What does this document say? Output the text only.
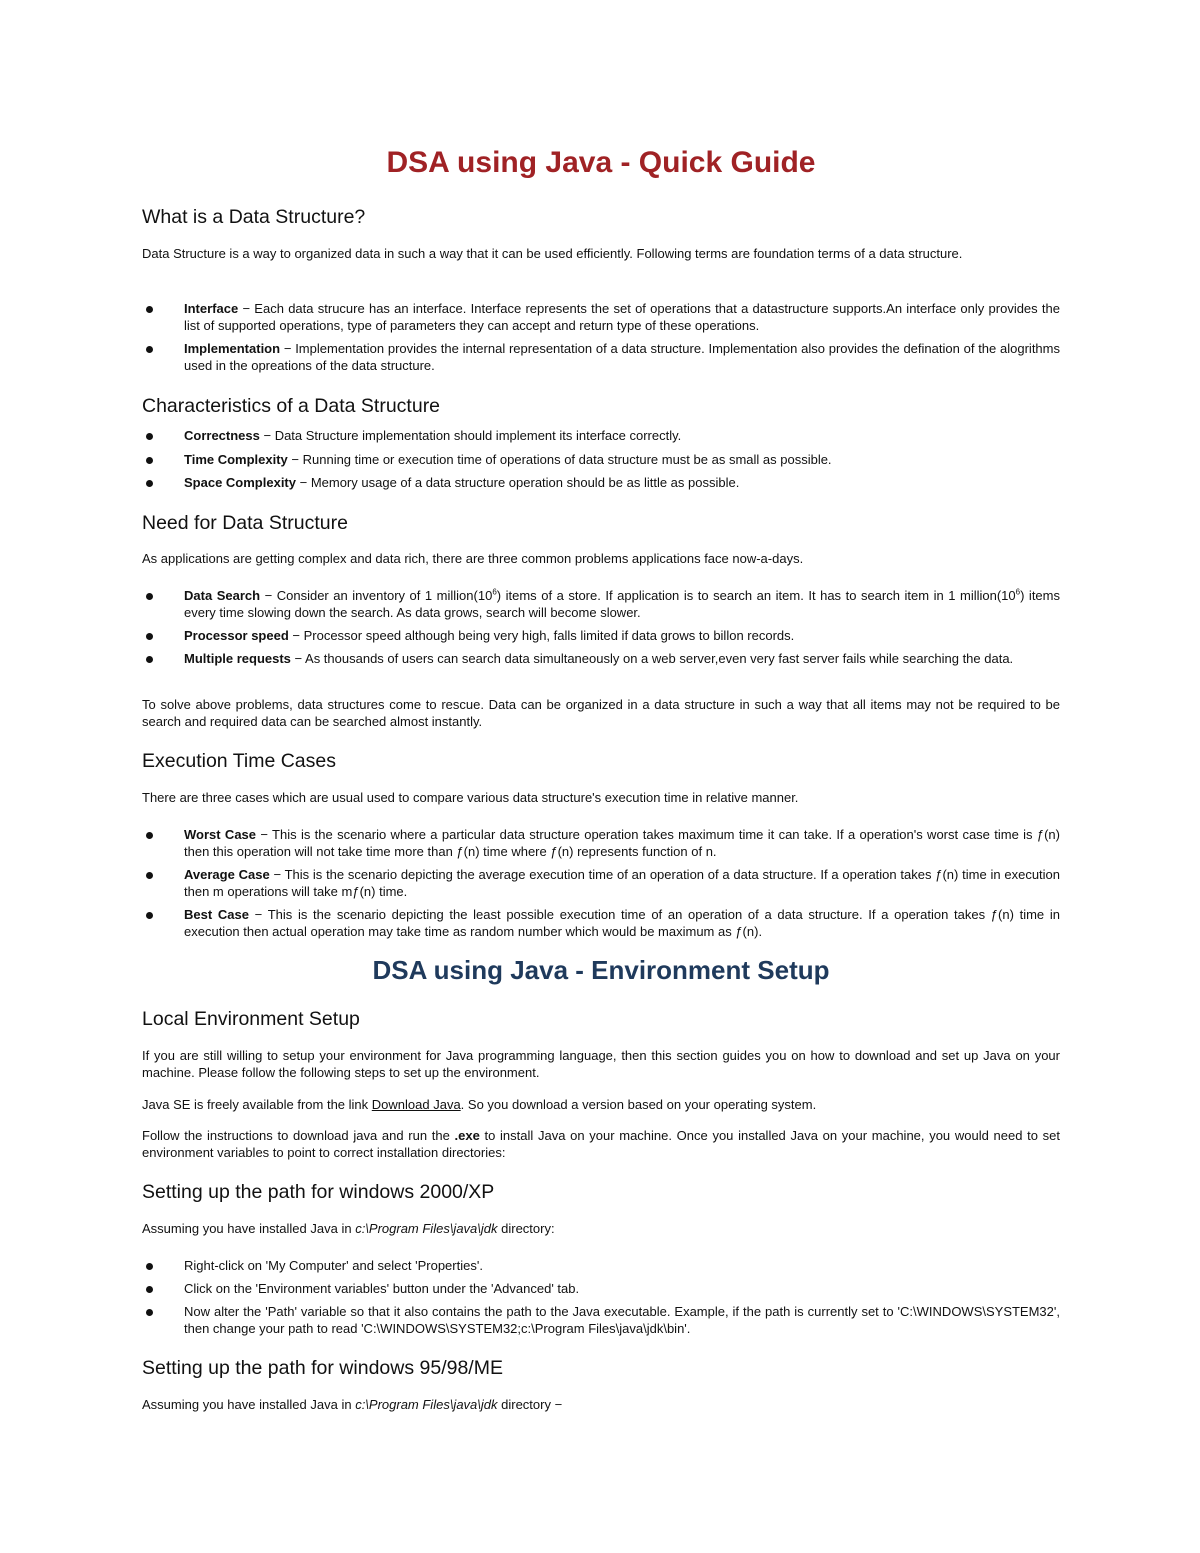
DSA using Java - Quick Guide
What is a Data Structure?

Data Structure is a way to organized data in such a way that it can be used efficiently. Following terms are foundation terms of a data structure.

Interface − Each data strucure has an interface. Interface represents the set of operations that a datastructure supports.An interface only provides the list of supported operations, type of parameters they can accept and return type of these operations.
Implementation − Implementation provides the internal representation of a data structure. Implementation also provides the defination of the alogrithms used in the opreations of the data structure.
Characteristics of a Data Structure
Correctness − Data Structure implementation should implement its interface correctly.
Time Complexity − Running time or execution time of operations of data structure must be as small as possible.
Space Complexity − Memory usage of a data structure operation should be as little as possible.
Need for Data Structure

As applications are getting complex and data rich, there are three common problems applications face now-a-days.

Data Search − Consider an inventory of 1 $million(10^6)$ items of a store. If application is to search an item. It has to search item in 1 $million(10^6)$ items every time slowing down the search. As data grows, search will become slower.
Processor speed − Processor speed although being very high, falls limited if data grows to billon records.
Multiple requests − As thousands of users can search data simultaneously on a web server,even very fast server fails while searching the data.

To solve above problems, data structures come to rescue. Data can be organized in a data structure in such a way that all items may not be required to be search and required data can be searched almost instantly.

Execution Time Cases

There are three cases which are usual used to compare various data structure's execution time in relative manner.

Worst Case − This is the scenario where a particular data structure operation takes maximum time it can take. If a operation's worst case time is ƒ(n) then this operation will not take time more than ƒ(n) time where ƒ(n) represents function of n.
Average Case − This is the scenario depicting the average execution time of an operation of a data structure. If a operation takes ƒ(n) time in execution then m operations will take mƒ(n) time.
Best Case − This is the scenario depicting the least possible execution time of an operation of a data structure. If a operation takes ƒ(n) time in execution then actual operation may take time as random number which would be maximum as ƒ(n).
DSA using Java - Environment Setup
Local Environment Setup

If you are still willing to setup your environment for Java programming language, then this section guides you on how to download and set up Java on your machine. Please follow the following steps to set up the environment.

Java SE is freely available from the link Download Java. So you download a version based on your operating system.

Follow the instructions to download java and run the .exe to install Java on your machine. Once you installed Java on your machine, you would need to set environment variables to point to correct installation directories:

Setting up the path for windows 2000/XP

Assuming you have installed Java in c:\Program Files\java\jdk directory:

Right-click on 'My Computer' and select 'Properties'.
Click on the 'Environment variables' button under the 'Advanced' tab.
Now alter the 'Path' variable so that it also contains the path to the Java executable. Example, if the path is currently set to 'C:\WINDOWS\SYSTEM32', then change your path to read 'C:\WINDOWS\SYSTEM32;c:\Program Files\java\jdk\bin'.
Setting up the path for windows 95/98/ME

Assuming you have installed Java in c:\Program Files\java\jdk directory −
